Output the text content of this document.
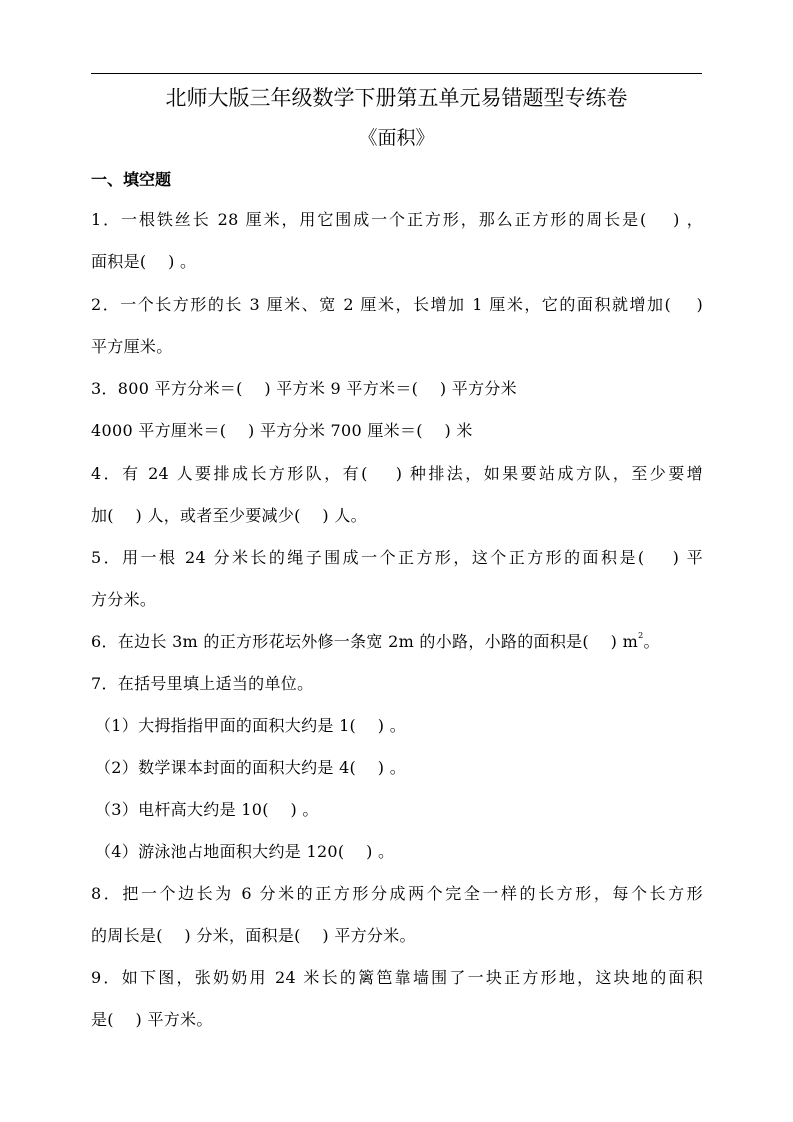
北师大版三年级数学下册第五单元易错题型专练卷
《面积》
一、填空题
1．一根铁丝长 28 厘米，用它围成一个正方形，那么正方形的周长是(　 ) ，
面积是(　 ) 。
2．一个长方形的长 3 厘米、宽 2 厘米，长增加 1 厘米，它的面积就增加(　 )
平方厘米。
3．800 平方分米＝(　 ) 平方米 9 平方米＝(　 ) 平方分米
4000 平方厘米＝(　 ) 平方分米 700 厘米＝(　 ) 米
4．有 24 人要排成长方形队，有(　 ) 种排法，如果要站成方队，至少要增
加(　 ) 人，或者至少要减少(　 ) 人。
5．用一根 24 分米长的绳子围成一个正方形，这个正方形的面积是(　 ) 平
方分米。
6．在边长 3m 的正方形花坛外修一条宽 2m 的小路，小路的面积是(　 ) $m^2$。
7．在括号里填上适当的单位。
（1）大拇指指甲面的面积大约是 1(　 ) 。
（2）数学课本封面的面积大约是 4(　 ) 。
（3）电杆高大约是 10(　 ) 。
（4）游泳池占地面积大约是 120(　 ) 。
8．把一个边长为 6 分米的正方形分成两个完全一样的长方形，每个长方形
的周长是(　 ) 分米，面积是(　 ) 平方分米。
9．如下图，张奶奶用 24 米长的篱笆靠墙围了一块正方形地，这块地的面积
是(　 ) 平方米。
